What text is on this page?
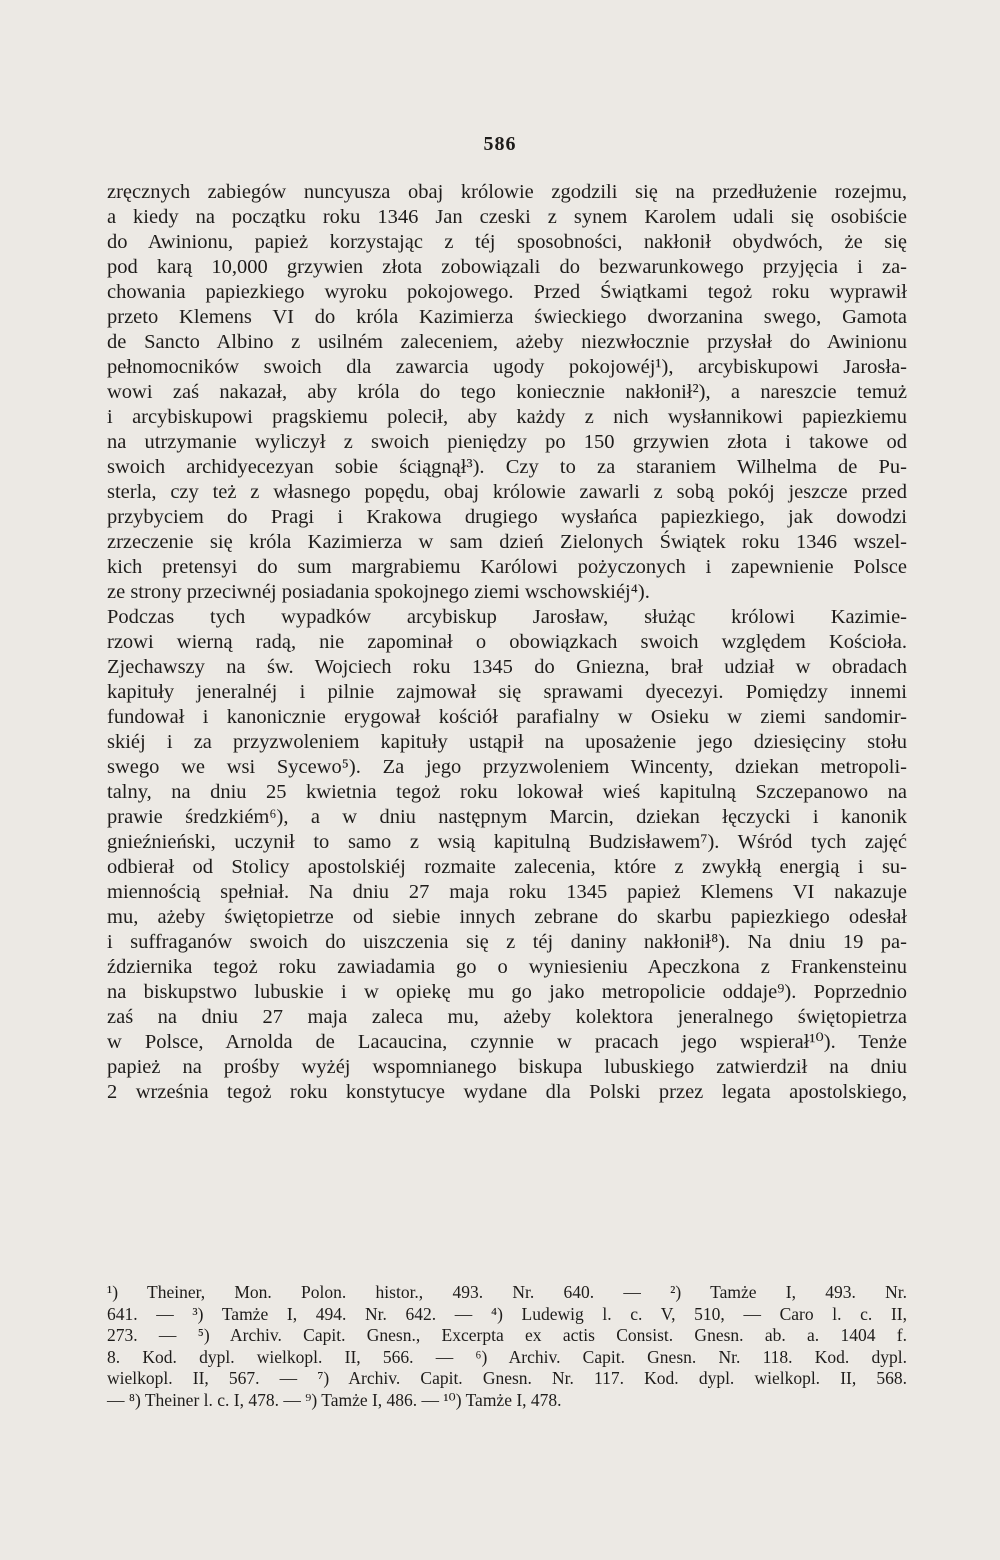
586
zręcznych zabiegów nuncyusza obaj królowie zgodzili się na przedłużenie rozejmu,
a kiedy na początku roku 1346 Jan czeski z synem Karolem udali się osobiście
do Awinionu, papież korzystając z téj sposobności, nakłonił obydwóch, że się
pod karą 10,000 grzywien złota zobowiązali do bezwarunkowego przyjęcia i za-
chowania papiezkiego wyroku pokojowego. Przed Świątkami tegoż roku wyprawił
przeto Klemens VI do króla Kazimierza świeckiego dworzanina swego, Gamota
de Sancto Albino z usilném zaleceniem, ażeby niezwłocznie przysłał do Awinionu
pełnomocników swoich dla zawarcia ugody pokojowéj¹), arcybiskupowi Jarosła-
wowi zaś nakazał, aby króla do tego koniecznie nakłonił²), a nareszcie temuż
i arcybiskupowi pragskiemu polecił, aby każdy z nich wysłannikowi papiezkiemu
na utrzymanie wyliczył z swoich pieniędzy po 150 grzywien złota i takowe od
swoich archidyecezyan sobie ściągnął³). Czy to za staraniem Wilhelma de Pu-
sterla, czy też z własnego popędu, obaj królowie zawarli z sobą pokój jeszcze przed
przybyciem do Pragi i Krakowa drugiego wysłańca papiezkiego, jak dowodzi
zrzeczenie się króla Kazimierza w sam dzień Zielonych Świątek roku 1346 wszel-
kich pretensyi do sum margrabiemu Karólowi pożyczonych i zapewnienie Polsce
ze strony przeciwnéj posiadania spokojnego ziemi wschowskiéj⁴).
Podczas tych wypadków arcybiskup Jarosław, służąc królowi Kazimie-
rzowi wierną radą, nie zapominał o obowiązkach swoich względem Kościoła.
Zjechawszy na św. Wojciech roku 1345 do Gniezna, brał udział w obradach
kapituły jeneralnéj i pilnie zajmował się sprawami dyecezyi. Pomiędzy innemi
fundował i kanonicznie erygował kościół parafialny w Osieku w ziemi sandomir-
skiéj i za przyzwoleniem kapituły ustąpił na uposażenie jego dziesięciny stołu
swego we wsi Sycewo⁵). Za jego przyzwoleniem Wincenty, dziekan metropoli-
talny, na dniu 25 kwietnia tegoż roku lokował wieś kapitulną Szczepanowo na
prawie średzkiém⁶), a w dniu następnym Marcin, dziekan łęczycki i kanonik
gnieźnieński, uczynił to samo z wsią kapitulną Budzisławem⁷). Wśród tych zajęć
odbierał od Stolicy apostolskiéj rozmaite zalecenia, które z zwykłą energią i su-
miennością spełniał. Na dniu 27 maja roku 1345 papież Klemens VI nakazuje
mu, ażeby świętopietrze od siebie innych zebrane do skarbu papiezkiego odesłał
i suffraganów swoich do uiszczenia się z téj daniny nakłonił⁸). Na dniu 19 pa-
ździernika tegoż roku zawiadamia go o wyniesieniu Apeczkona z Frankensteinu
na biskupstwo lubuskie i w opiekę mu go jako metropolicie oddaje⁹). Poprzednio
zaś na dniu 27 maja zaleca mu, ażeby kolektora jeneralnego świętopietrza
w Polsce, Arnolda de Lacaucina, czynnie w pracach jego wspierał¹⁰). Tenże
papież na prośby wyżéj wspomnianego biskupa lubuskiego zatwierdził na dniu
2 września tegoż roku konstytucye wydane dla Polski przez legata apostolskiego,
¹) Theiner, Mon. Polon. histor., 493. Nr. 640. — ²) Tamże I, 493. Nr.
641. — ³) Tamże I, 494. Nr. 642. — ⁴) Ludewig l. c. V, 510, — Caro l. c. II,
273. — ⁵) Archiv. Capit. Gnesn., Excerpta ex actis Consist. Gnesn. ab. a. 1404 f.
8. Kod. dypl. wielkopl. II, 566. — ⁶) Archiv. Capit. Gnesn. Nr. 118. Kod. dypl.
wielkopl. II, 567. — ⁷) Archiv. Capit. Gnesn. Nr. 117. Kod. dypl. wielkopl. II, 568.
— ⁸) Theiner l. c. I, 478. — ⁹) Tamże I, 486. — ¹⁰) Tamże I, 478.
